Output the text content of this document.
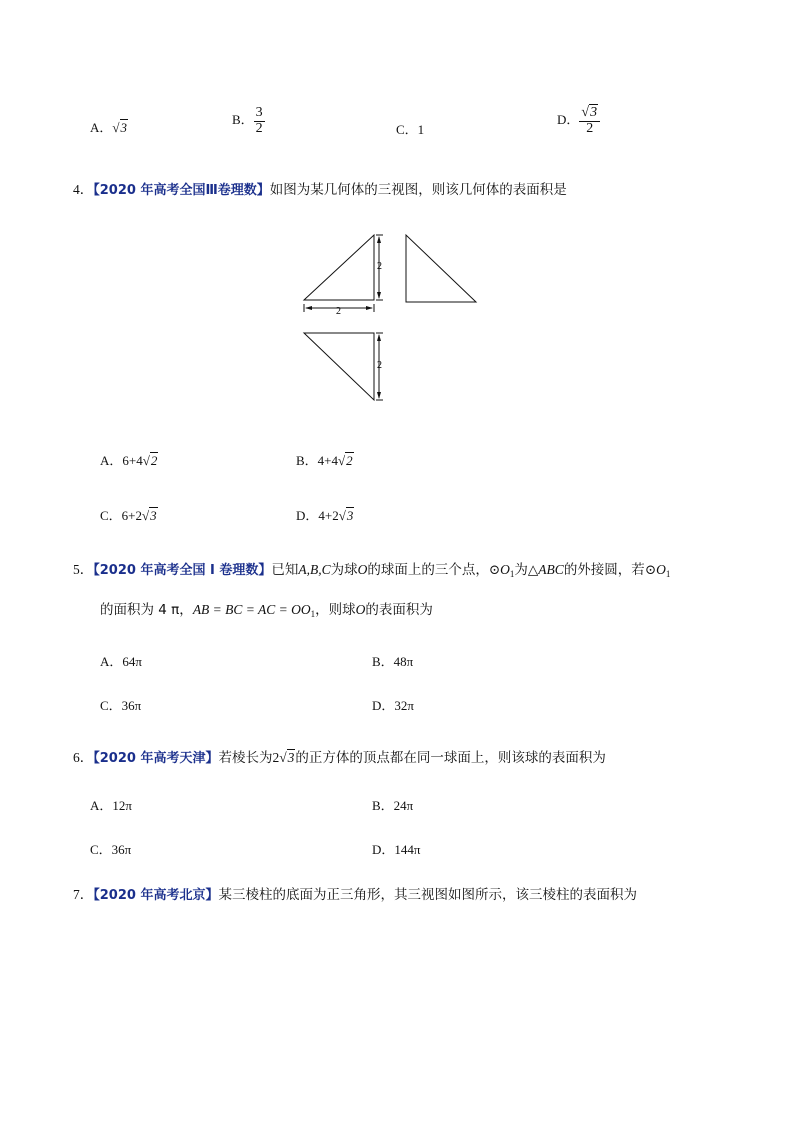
A．√3
B． $\frac{3}{2}$	C．1
D． $\frac{√3}{2}$
4．【2020 年高考全国Ⅲ卷理数】如图为某几何体的三视图，则该几何体的表面积是
2
2
2
A．6+4√2	B．4+4√2
C．6+2√3	D．4+2√3
5．【2020 年高考全国 I 卷理数】已知A,B,C为球O的球面上的三个点，$⊙O_1$为△ABC的外接圆，若$⊙O_1$
的面积为 4 π，AB = BC = AC = $OO_1$，则球O的表面积为
A．64π	B．48π
C．36π	D．32π
6．【2020 年高考天津】若棱长为2√3的正方体的顶点都在同一球面上，则该球的表面积为
A．12π	B．24π
C．36π	D．144π
7．【2020 年高考北京】某三棱柱的底面为正三角形，其三视图如图所示，该三棱柱的表面积为
